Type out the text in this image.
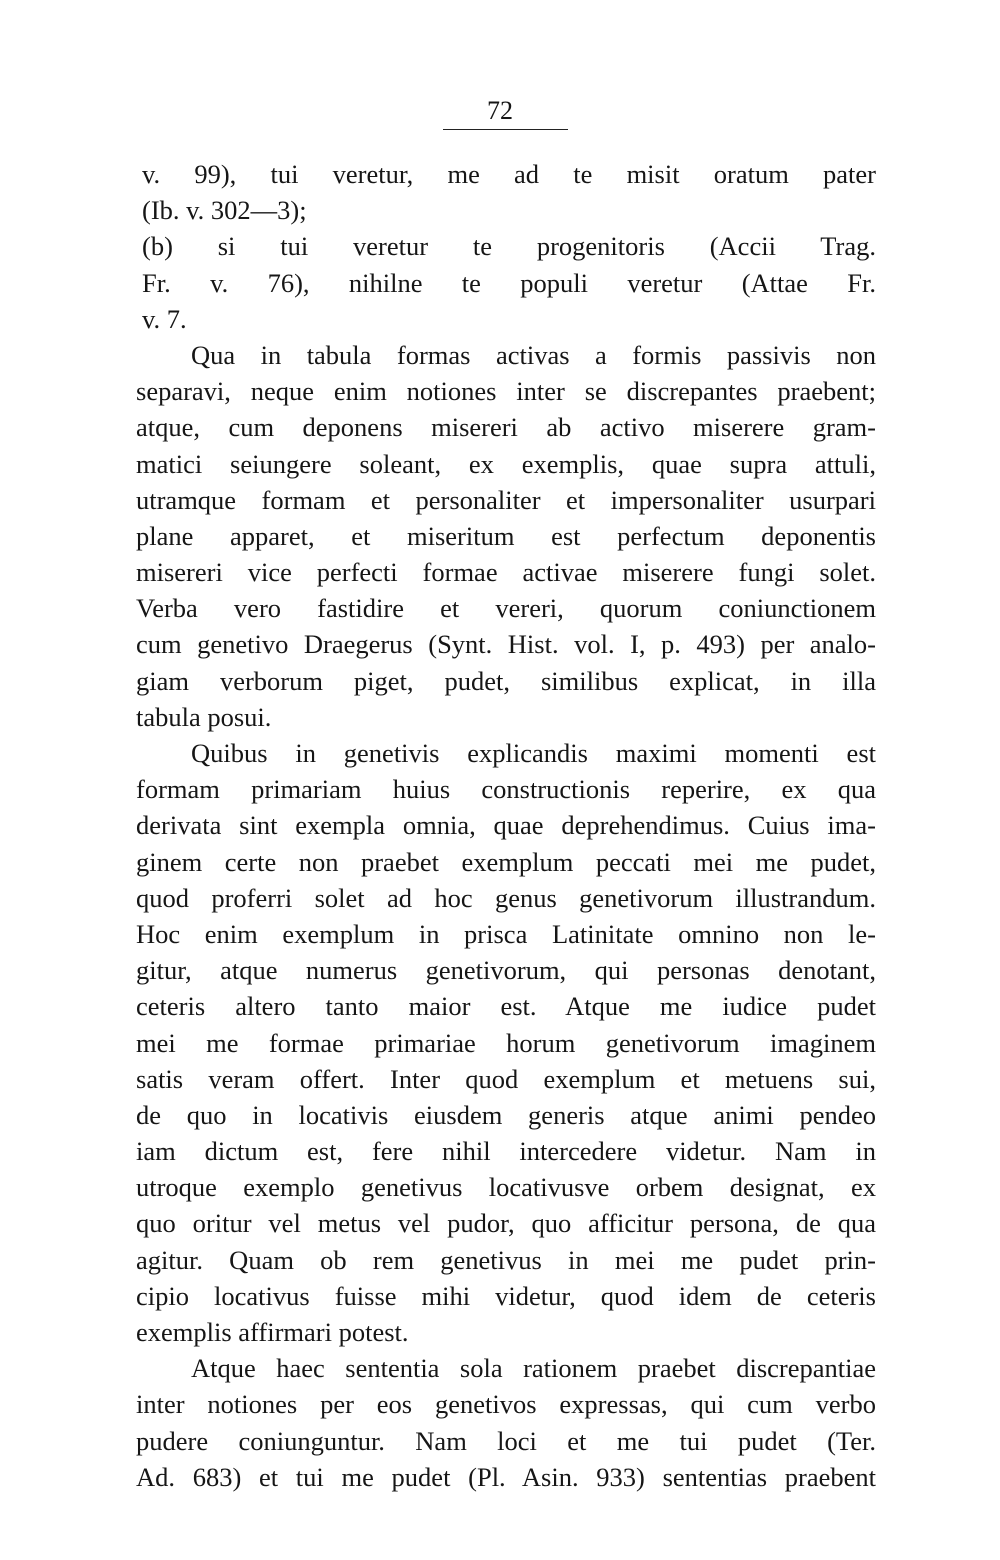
72
v. 99), tui veretur, me ad te misit oratum pater
(Ib. v. 302—3);
(b) si tui veretur te progenitoris (Accii Trag.
Fr. v. 76), nihilne te populi veretur (Attae Fr.
v. 7.
Qua in tabula formas activas a formis passivis non
separavi, neque enim notiones inter se discrepantes praebent;
atque, cum deponens misereri ab activo miserere gram-
matici seiungere soleant, ex exemplis, quae supra attuli,
utramque formam et personaliter et impersonaliter usurpari
plane apparet, et miseritum est perfectum deponentis
misereri vice perfecti formae activae miserere fungi solet.
Verba vero fastidire et vereri, quorum coniunctionem
cum genetivo Draegerus (Synt. Hist. vol. I, p. 493) per analo-
giam verborum piget, pudet, similibus explicat, in illa
tabula posui.
Quibus in genetivis explicandis maximi momenti est
formam primariam huius constructionis reperire, ex qua
derivata sint exempla omnia, quae deprehendimus. Cuius ima-
ginem certe non praebet exemplum peccati mei me pudet,
quod proferri solet ad hoc genus genetivorum illustrandum.
Hoc enim exemplum in prisca Latinitate omnino non le-
gitur, atque numerus genetivorum, qui personas denotant,
ceteris altero tanto maior est. Atque me iudice pudet
mei me formae primariae horum genetivorum imaginem
satis veram offert. Inter quod exemplum et metuens sui,
de quo in locativis eiusdem generis atque animi pendeo
iam dictum est, fere nihil intercedere videtur. Nam in
utroque exemplo genetivus locativusve orbem designat, ex
quo oritur vel metus vel pudor, quo afficitur persona, de qua
agitur. Quam ob rem genetivus in mei me pudet prin-
cipio locativus fuisse mihi videtur, quod idem de ceteris
exemplis affirmari potest.
Atque haec sententia sola rationem praebet discrepantiae
inter notiones per eos genetivos expressas, qui cum verbo
pudere coniunguntur. Nam loci et me tui pudet (Ter.
Ad. 683) et tui me pudet (Pl. Asin. 933) sententias praebent
